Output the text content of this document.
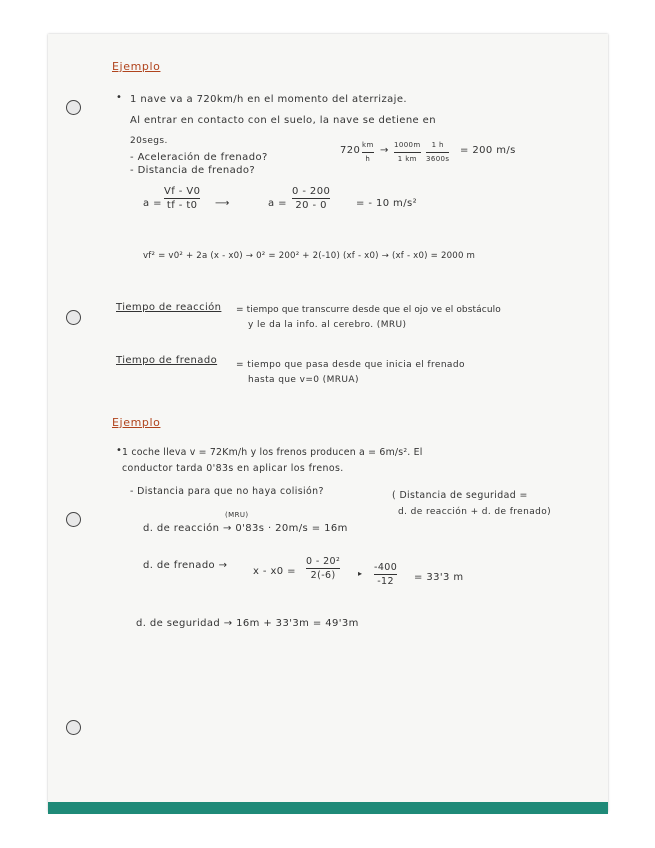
Ejemplo
• 1 nave va a 720km/h en el momento del aterrizaje.
Al entrar en contacto con el suelo, la nave se detiene en
20segs.
- Aceleración de frenado?
- Distancia de frenado?
720 km
h
→ 1000m
1 km
1 h
3600s
= 200 m/s
a =
Vf - V0
tf - t0 ⟶	a =
0 - 200
20 - 0	= - 10 m/s²
vf² = v0² + 2a (x - x0) → 0² = 200² + 2(-10) (xf - x0) → (xf - x0) = 2000 m
Tiempo de reacción = tiempo que transcurre desde que el ojo ve el obstáculo
y le da la info. al cerebro. (MRU)
Tiempo de frenado = tiempo que pasa desde que inicia el frenado
hasta que v=0 (MRUA)
Ejemplo
• 1 coche lleva v = 72Km/h y los frenos producen a = 6m/s². El
conductor tarda 0'83s en aplicar los frenos.
- Distancia para que no haya colisión?	( Distancia de seguridad =
d. de reacción + d. de frenado)
(MRU)
d. de reacción → 0'83s · 20m/s = 16m
d. de frenado →
x - x0 =
0 - 20²
2(-6)	▸
-400
-12 = 33'3 m
d. de seguridad → 16m + 33'3m = 49'3m
